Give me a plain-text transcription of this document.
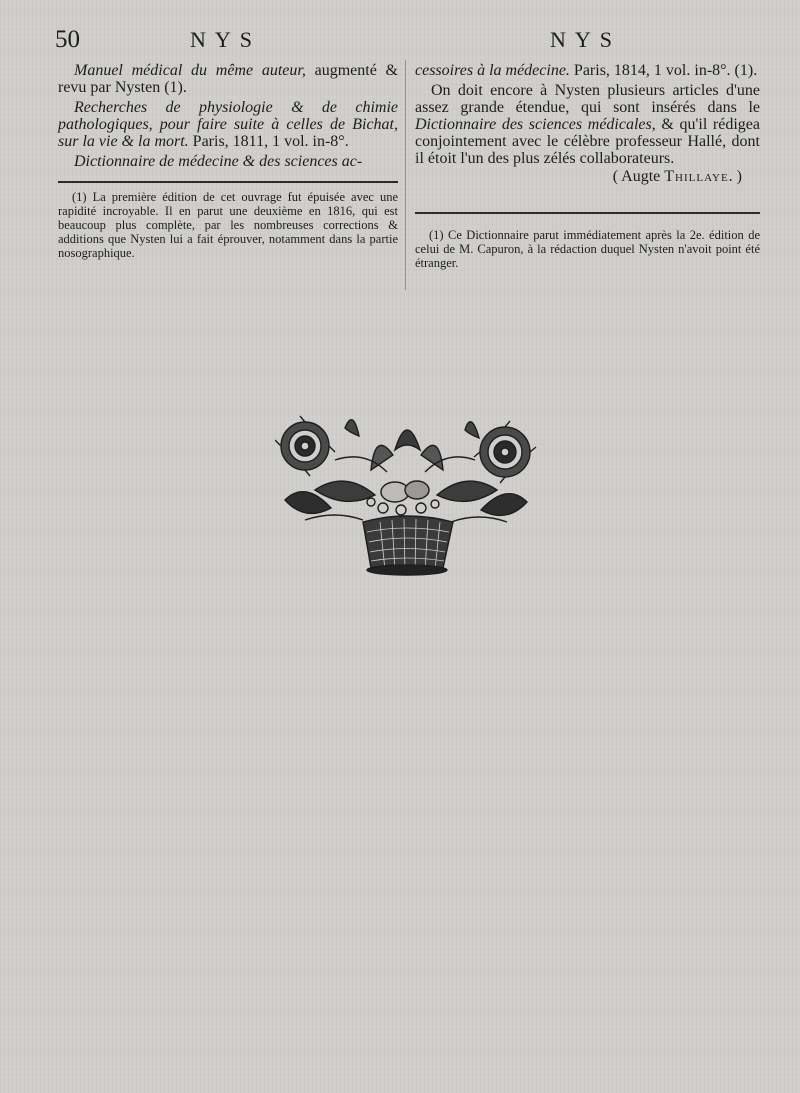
50	NYS	NYS

Manuel médical du même auteur, augmenté & revu par Nysten (1).

Recherches de physiologie & de chimie pathologiques, pour faire suite à celles de Bichat, sur la vie & la mort. Paris, 1811, 1 vol. in-8°.

Dictionnaire de médecine & des sciences ac-

(1) La première édition de cet ouvrage fut épuisée avec une rapidité incroyable. Il en parut une deuxième en 1816, qui est beaucoup plus complète, par les nombreuses corrections & additions que Nysten lui a fait éprouver, notamment dans la partie nosographique.

cessoires à la médecine. Paris, 1814, 1 vol. in-8°. (1).

On doit encore à Nysten plusieurs articles d'une assez grande étendue, qui sont insérés dans le Dictionnaire des sciences médicales, & qu'il rédigea conjointement avec le célèbre professeur Hallé, dont il étoit l'un des plus zélés collaborateurs.

( Augte Thillaye. )

(1) Ce Dictionnaire parut immédiatement après la 2e. édition de celui de M. Capuron, à la rédaction duquel Nysten n'avoit point été étranger.
